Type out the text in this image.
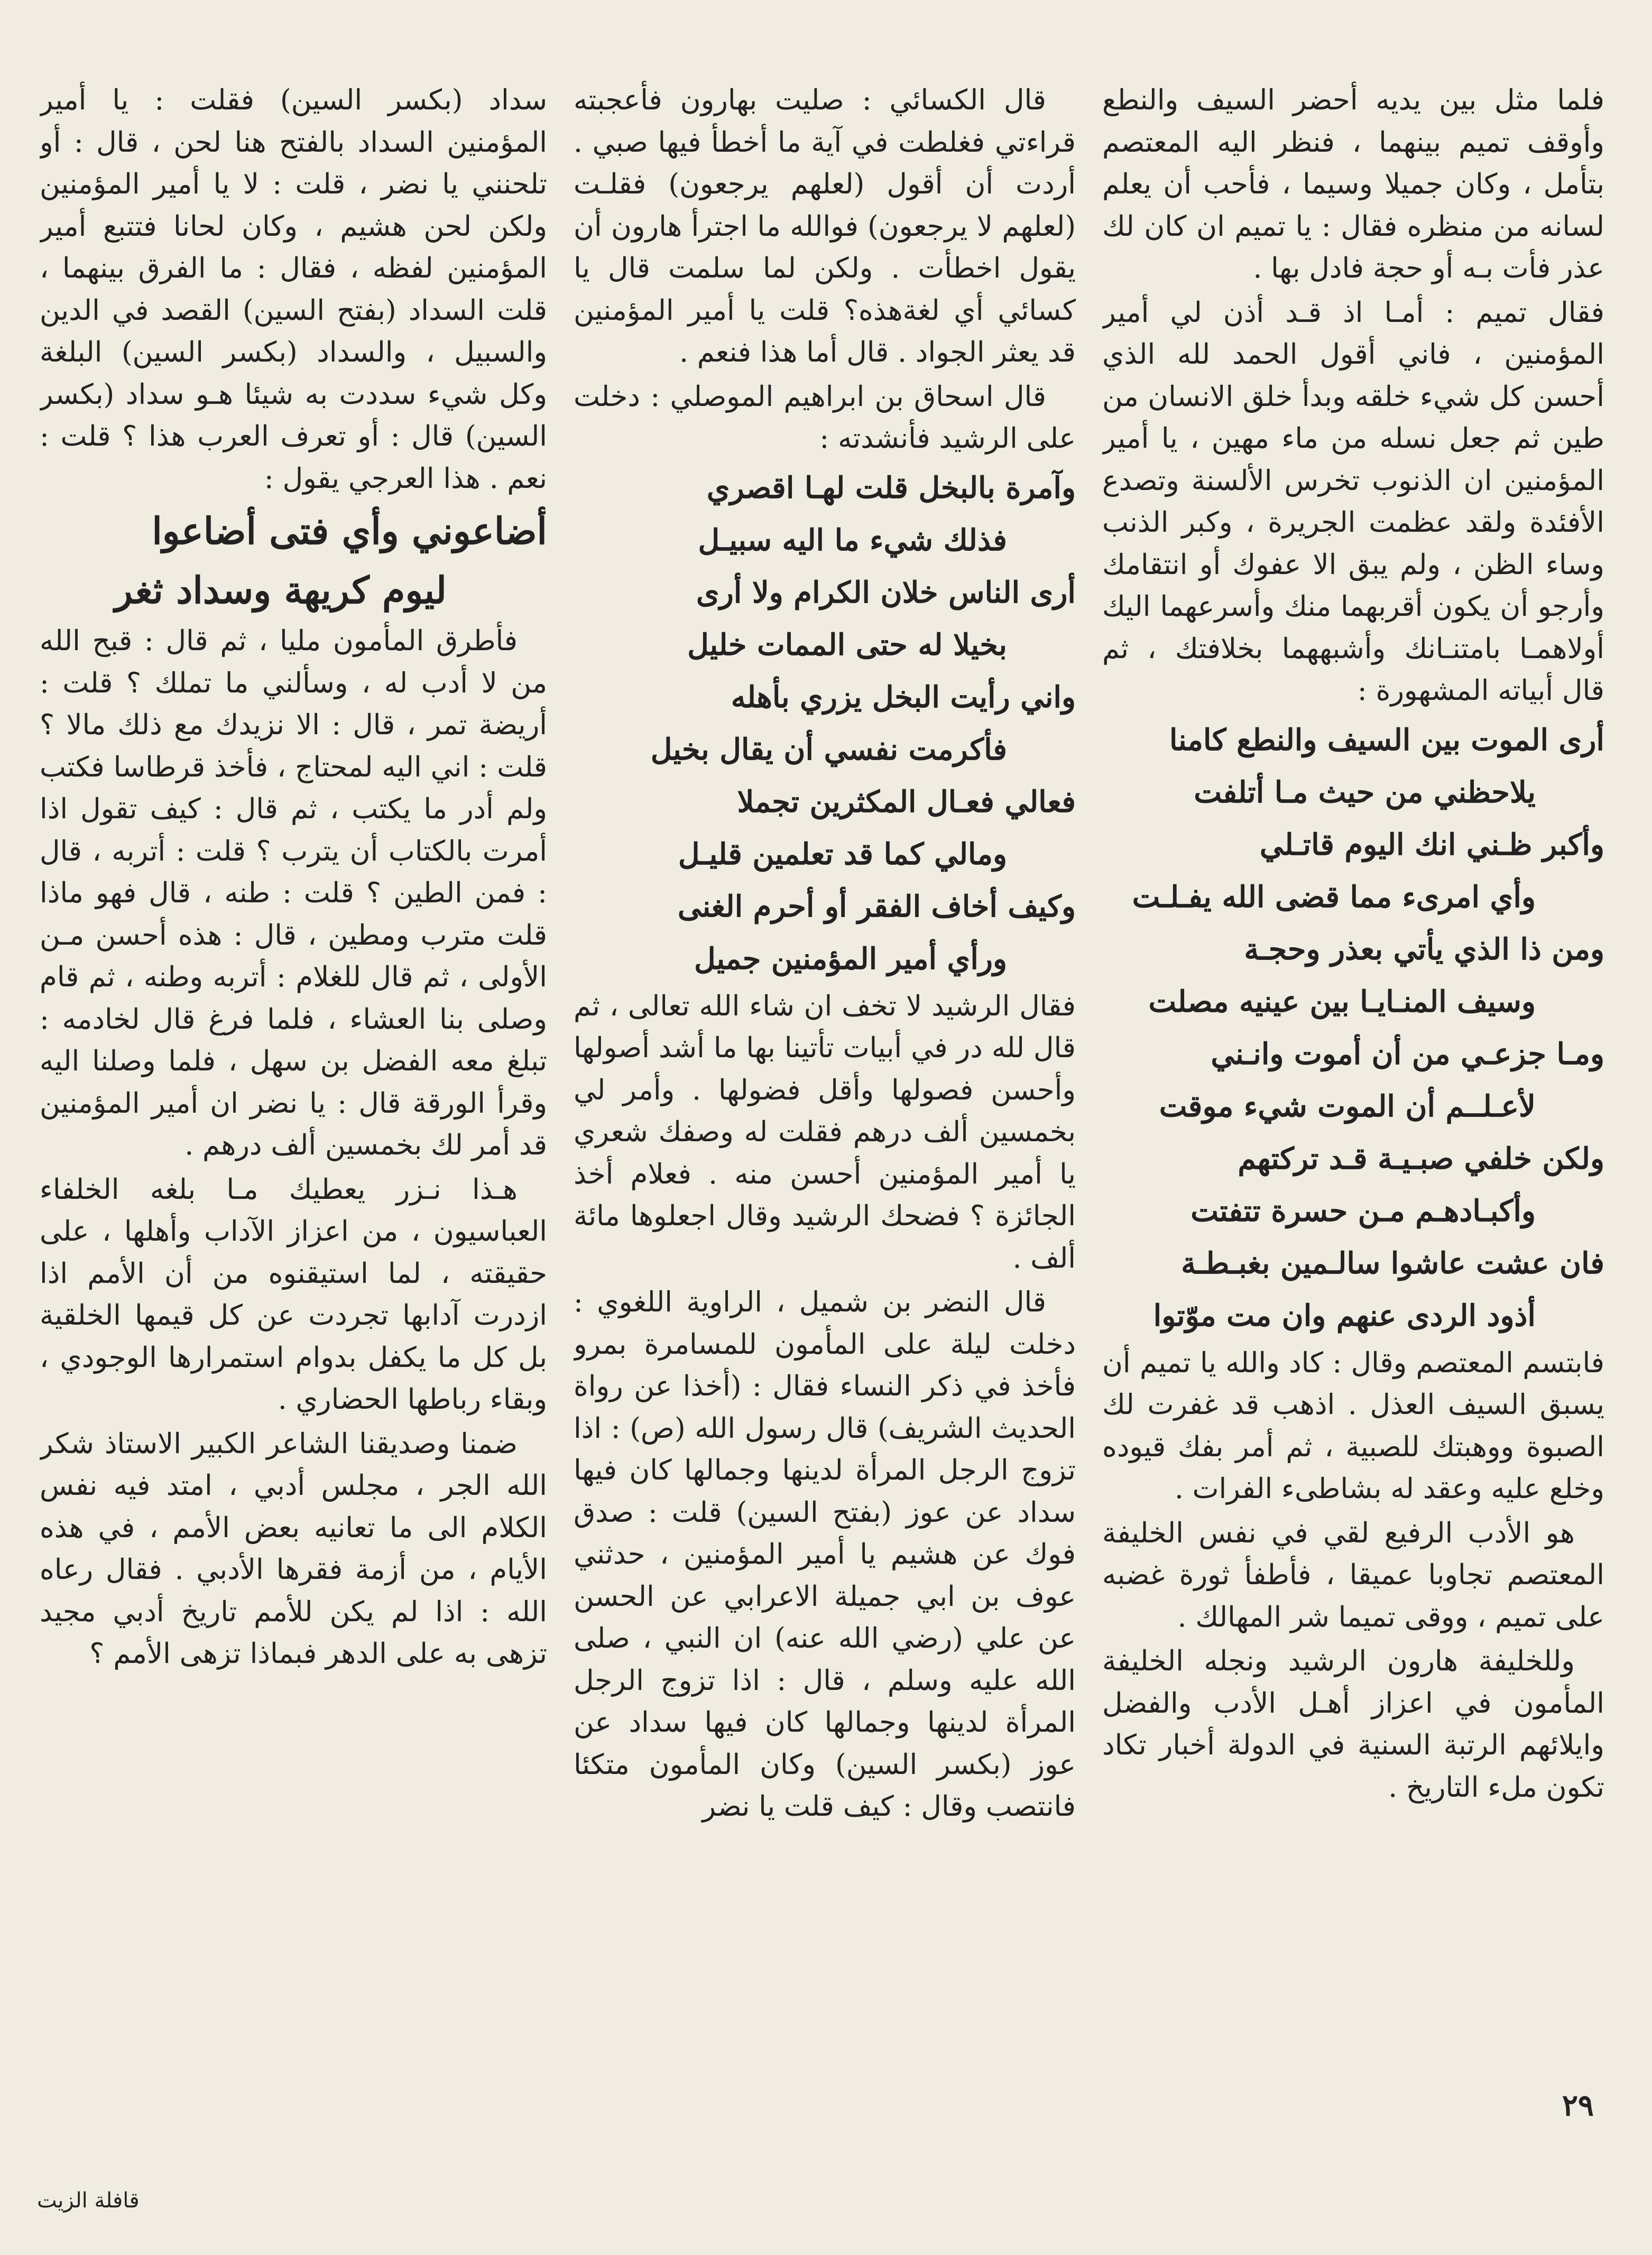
فلما مثل بين يديه أحضر السيف والنطع وأوقف تميم بينهما ، فنظر اليه المعتصم بتأمل ، وكان جميلا وسيما ، فأحب أن يعلم لسانه من منظره فقال : يا تميم ان كان لك عذر فأت بـه أو حجة فادل بها .

فقال تميم : أمـا اذ قـد أذن لي أمير المؤمنين ، فاني أقول الحمد لله الذي أحسن كل شيء خلقه وبدأ خلق الانسان من طين ثم جعل نسله من ماء مهين ، يا أمير المؤمنين ان الذنوب تخرس الألسنة وتصدع الأفئدة ولقد عظمت الجريرة ، وكبر الذنب وساء الظن ، ولم يبق الا عفوك أو انتقامك وأرجو أن يكون أقربهما منك وأسرعهما اليك أولاهمـا بامتنـانك وأشبههما بخلافتك ، ثم قال أبياته المشهورة :

أرى الموت بين السيف والنطع كامنا
يلاحظني من حيث مـا أتلفت
وأكبر ظـني انك اليوم قاتـلي
وأي امرىء مما قضى الله يفـلـت
ومن ذا الذي يأتي بعذر وحجـة
وسيف المنـايـا بين عينيه مصلت
ومـا جزعـي من أن أموت وانـني
لأعـلــم أن الموت شيء موقت
ولكن خلفي صبـيـة قـد تركتهم
وأكبـادهـم مـن حسرة تتفتت
فان عشت عاشوا سالـمين بغبـطـة
أذود الردى عنهم وان مت موّتوا

فابتسم المعتصم وقال : كاد والله يا تميم أن يسبق السيف العذل . اذهب قد غفرت لك الصبوة ووهبتك للصبية ، ثم أمر بفك قيوده وخلع عليه وعقد له بشاطىء الفرات .

هو الأدب الرفيع لقي في نفس الخليفة المعتصم تجاوبا عميقا ، فأطفأ ثورة غضبه على تميم ، ووقى تميما شر المهالك .

وللخليفة هارون الرشيد ونجله الخليفة المأمون في اعزاز أهـل الأدب والفضل وايلائهم الرتبة السنية في الدولة أخبار تكاد تكون ملء التاريخ .

قال الكسائي : صليت بهارون فأعجبته قراءتي فغلطت في آية ما أخطأ فيها صبي . أردت أن أقول (لعلهم يرجعون) فقلـت (لعلهم لا يرجعون) فوالله ما اجترأ هارون أن يقول اخطأت . ولكن لما سلمت قال يا كسائي أي لغةهذه؟ قلت يا أمير المؤمنين قد يعثر الجواد . قال أما هذا فنعم .

قال اسحاق بن ابراهيم الموصلي : دخلت على الرشيد فأنشدته :

وآمرة بالبخل قلت لهـا اقصري
فذلك شيء ما اليه سبيـل
أرى الناس خلان الكرام ولا أرى
بخيلا له حتى الممات خليل
واني رأيت البخل يزري بأهله
فأكرمت نفسي أن يقال بخيل
فعالي فعـال المكثرين تجملا
ومالي كما قد تعلمين قليـل
وكيف أخاف الفقر أو أحرم الغنى
ورأي أمير المؤمنين جميل

فقال الرشيد لا تخف ان شاء الله تعالى ، ثم قال لله در في أبيات تأتينا بها ما أشد أصولها وأحسن فصولها وأقل فضولها . وأمر لي بخمسين ألف درهم فقلت له وصفك شعري يا أمير المؤمنين أحسن منه . فعلام أخذ الجائزة ؟ فضحك الرشيد وقال اجعلوها مائة ألف .

قال النضر بن شميل ، الراوية اللغوي : دخلت ليلة على المأمون للمسامرة بمرو فأخذ في ذكر النساء فقال : (أخذا عن رواة الحديث الشريف) قال رسول الله (ص) : اذا تزوج الرجل المرأة لدينها وجمالها كان فيها سداد عن عوز (بفتح السين) قلت : صدق فوك عن هشيم يا أمير المؤمنين ، حدثني عوف بن ابي جميلة الاعرابي عن الحسن عن علي (رضي الله عنه) ان النبي ، صلى الله عليه وسلم ، قال : اذا تزوج الرجل المرأة لدينها وجمالها كان فيها سداد عن عوز (بكسر السين) وكان المأمون متكئا فانتصب وقال : كيف قلت يا نضر

سداد (بكسر السين) فقلت : يا أمير المؤمنين السداد بالفتح هنا لحن ، قال : أو تلحنني يا نضر ، قلت : لا يا أمير المؤمنين ولكن لحن هشيم ، وكان لحانا فتتبع أمير المؤمنين لفظه ، فقال : ما الفرق بينهما ، قلت السداد (بفتح السين) القصد في الدين والسبيل ، والسداد (بكسر السين) البلغة وكل شيء سددت به شيئا هـو سداد (بكسر السين) قال : أو تعرف العرب هذا ؟ قلت : نعم . هذا العرجي يقول :

أضاعوني وأي فتى أضاعوا
ليوم كريهة وسداد ثغر

فأطرق المأمون مليا ، ثم قال : قبح الله من لا أدب له ، وسألني ما تملك ؟ قلت : أريضة تمر ، قال : الا نزيدك مع ذلك مالا ؟ قلت : اني اليه لمحتاج ، فأخذ قرطاسا فكتب ولم أدر ما يكتب ، ثم قال : كيف تقول اذا أمرت بالكتاب أن يترب ؟ قلت : أتربه ، قال : فمن الطين ؟ قلت : طنه ، قال فهو ماذا قلت مترب ومطين ، قال : هذه أحسن مـن الأولى ، ثم قال للغلام : أتربه وطنه ، ثم قام وصلى بنا العشاء ، فلما فرغ قال لخادمه : تبلغ معه الفضل بن سهل ، فلما وصلنا اليه وقرأ الورقة قال : يا نضر ان أمير المؤمنين قد أمر لك بخمسين ألف درهم .

هـذا نـزر يعطيك مـا بلغه الخلفاء العباسيون ، من اعزاز الآداب وأهلها ، على حقيقته ، لما استيقنوه من أن الأمم اذا ازدرت آدابها تجردت عن كل قيمها الخلقية بل كل ما يكفل بدوام استمرارها الوجودي ، وبقاء رباطها الحضاري .

ضمنا وصديقنا الشاعر الكبير الاستاذ شكر الله الجر ، مجلس أدبي ، امتد فيه نفس الكلام الى ما تعانيه بعض الأمم ، في هذه الأيام ، من أزمة فقرها الأدبي . فقال رعاه الله : اذا لم يكن للأمم تاريخ أدبي مجيد تزهى به على الدهر فبماذا تزهى الأمم ؟

٢٩
قافلة الزيت
